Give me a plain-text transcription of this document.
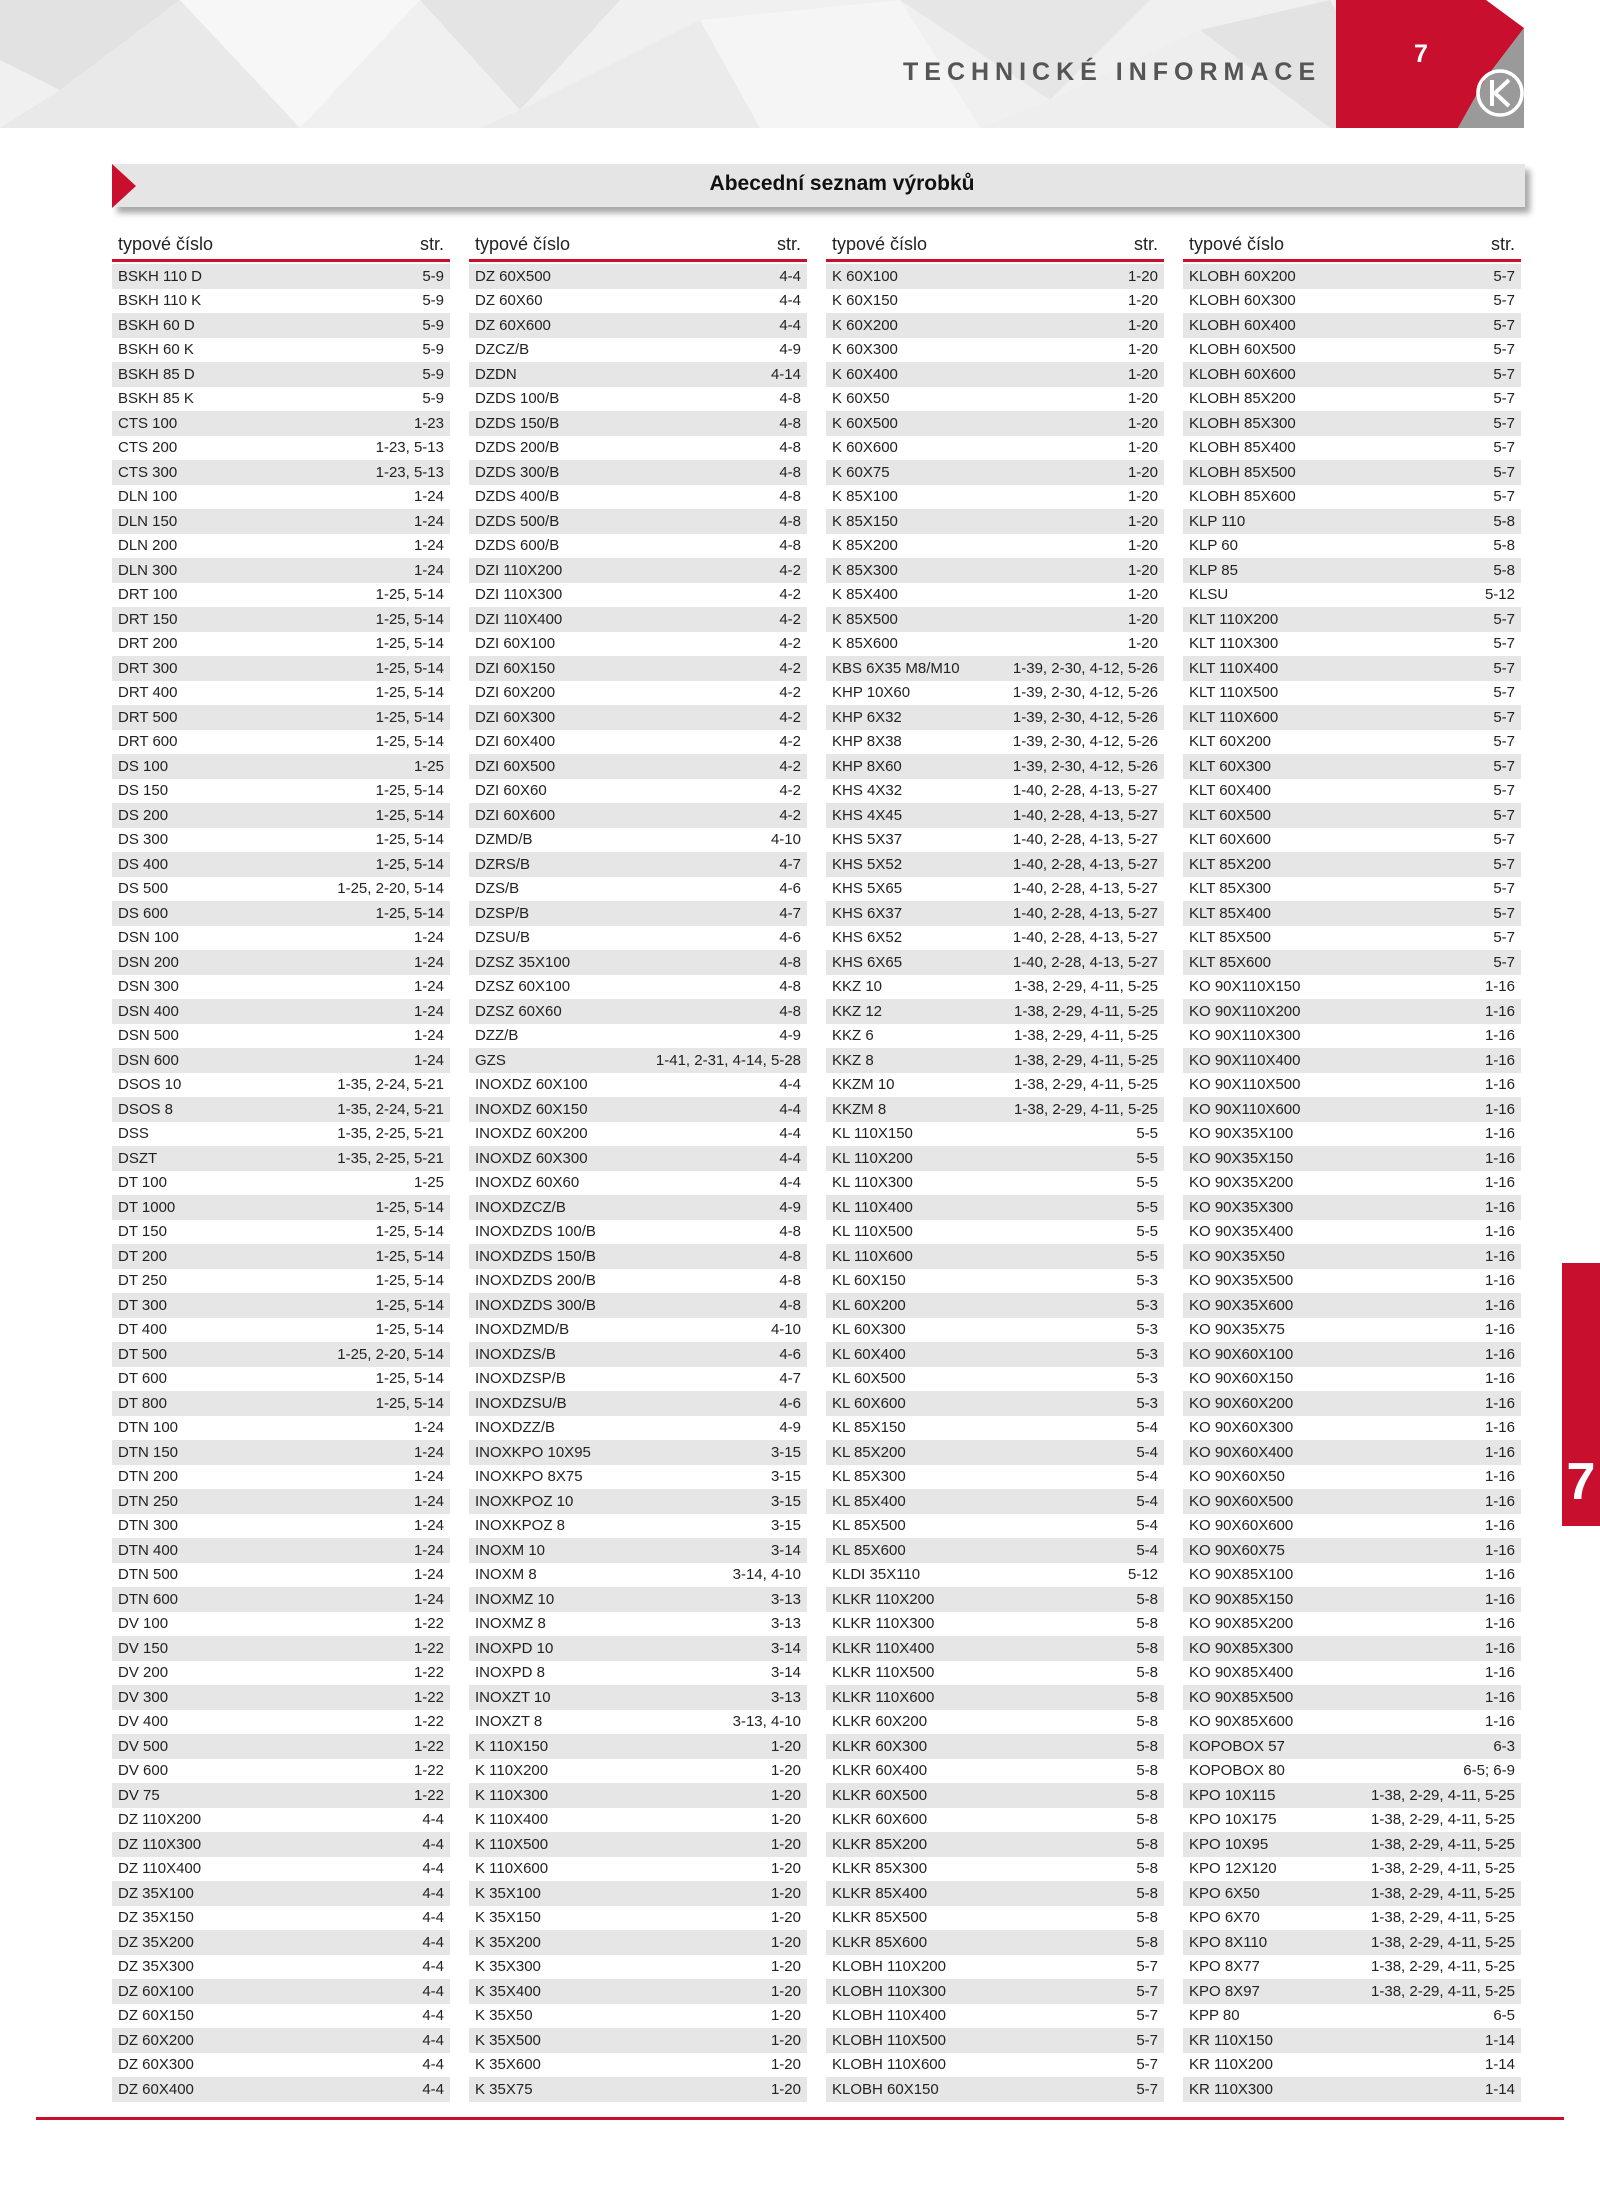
TECHNICKÉ INFORMACE
7
Abecední seznam výrobků
typové číslo	str.
BSKH 110 D	5-9
BSKH 110 K	5-9
BSKH 60 D	5-9
BSKH 60 K	5-9
BSKH 85 D	5-9
BSKH 85 K	5-9
CTS 100	1-23
CTS 200	1-23, 5-13
CTS 300	1-23, 5-13
DLN 100	1-24
DLN 150	1-24
DLN 200	1-24
DLN 300	1-24
DRT 100	1-25, 5-14
DRT 150	1-25, 5-14
DRT 200	1-25, 5-14
DRT 300	1-25, 5-14
DRT 400	1-25, 5-14
DRT 500	1-25, 5-14
DRT 600	1-25, 5-14
DS 100	1-25
DS 150	1-25, 5-14
DS 200	1-25, 5-14
DS 300	1-25, 5-14
DS 400	1-25, 5-14
DS 500	1-25, 2-20, 5-14
DS 600	1-25, 5-14
DSN 100	1-24
DSN 200	1-24
DSN 300	1-24
DSN 400	1-24
DSN 500	1-24
DSN 600	1-24
DSOS 10	1-35, 2-24, 5-21
DSOS 8	1-35, 2-24, 5-21
DSS	1-35, 2-25, 5-21
DSZT	1-35, 2-25, 5-21
DT 100	1-25
DT 1000	1-25, 5-14
DT 150	1-25, 5-14
DT 200	1-25, 5-14
DT 250	1-25, 5-14
DT 300	1-25, 5-14
DT 400	1-25, 5-14
DT 500	1-25, 2-20, 5-14
DT 600	1-25, 5-14
DT 800	1-25, 5-14
DTN 100	1-24
DTN 150	1-24
DTN 200	1-24
DTN 250	1-24
DTN 300	1-24
DTN 400	1-24
DTN 500	1-24
DTN 600	1-24
DV 100	1-22
DV 150	1-22
DV 200	1-22
DV 300	1-22
DV 400	1-22
DV 500	1-22
DV 600	1-22
DV 75	1-22
DZ 110X200	4-4
DZ 110X300	4-4
DZ 110X400	4-4
DZ 35X100	4-4
DZ 35X150	4-4
DZ 35X200	4-4
DZ 35X300	4-4
DZ 60X100	4-4
DZ 60X150	4-4
DZ 60X200	4-4
DZ 60X300	4-4
DZ 60X400	4-4
typové číslo	str.
DZ 60X500	4-4
DZ 60X60	4-4
DZ 60X600	4-4
DZCZ/B	4-9
DZDN	4-14
DZDS 100/B	4-8
DZDS 150/B	4-8
DZDS 200/B	4-8
DZDS 300/B	4-8
DZDS 400/B	4-8
DZDS 500/B	4-8
DZDS 600/B	4-8
DZI 110X200	4-2
DZI 110X300	4-2
DZI 110X400	4-2
DZI 60X100	4-2
DZI 60X150	4-2
DZI 60X200	4-2
DZI 60X300	4-2
DZI 60X400	4-2
DZI 60X500	4-2
DZI 60X60	4-2
DZI 60X600	4-2
DZMD/B	4-10
DZRS/B	4-7
DZS/B	4-6
DZSP/B	4-7
DZSU/B	4-6
DZSZ 35X100	4-8
DZSZ 60X100	4-8
DZSZ 60X60	4-8
DZZ/B	4-9
GZS	1-41, 2-31, 4-14, 5-28
INOXDZ 60X100	4-4
INOXDZ 60X150	4-4
INOXDZ 60X200	4-4
INOXDZ 60X300	4-4
INOXDZ 60X60	4-4
INOXDZCZ/B	4-9
INOXDZDS 100/B	4-8
INOXDZDS 150/B	4-8
INOXDZDS 200/B	4-8
INOXDZDS 300/B	4-8
INOXDZMD/B	4-10
INOXDZS/B	4-6
INOXDZSP/B	4-7
INOXDZSU/B	4-6
INOXDZZ/B	4-9
INOXKPO 10X95	3-15
INOXKPO 8X75	3-15
INOXKPOZ 10	3-15
INOXKPOZ 8	3-15
INOXM 10	3-14
INOXM 8	3-14, 4-10
INOXMZ 10	3-13
INOXMZ 8	3-13
INOXPD 10	3-14
INOXPD 8	3-14
INOXZT 10	3-13
INOXZT 8	3-13, 4-10
K 110X150	1-20
K 110X200	1-20
K 110X300	1-20
K 110X400	1-20
K 110X500	1-20
K 110X600	1-20
K 35X100	1-20
K 35X150	1-20
K 35X200	1-20
K 35X300	1-20
K 35X400	1-20
K 35X50	1-20
K 35X500	1-20
K 35X600	1-20
K 35X75	1-20
typové číslo	str.
K 60X100	1-20
K 60X150	1-20
K 60X200	1-20
K 60X300	1-20
K 60X400	1-20
K 60X50	1-20
K 60X500	1-20
K 60X600	1-20
K 60X75	1-20
K 85X100	1-20
K 85X150	1-20
K 85X200	1-20
K 85X300	1-20
K 85X400	1-20
K 85X500	1-20
K 85X600	1-20
KBS 6X35 M8/M10	1-39, 2-30, 4-12, 5-26
KHP 10X60	1-39, 2-30, 4-12, 5-26
KHP 6X32	1-39, 2-30, 4-12, 5-26
KHP 8X38	1-39, 2-30, 4-12, 5-26
KHP 8X60	1-39, 2-30, 4-12, 5-26
KHS 4X32	1-40, 2-28, 4-13, 5-27
KHS 4X45	1-40, 2-28, 4-13, 5-27
KHS 5X37	1-40, 2-28, 4-13, 5-27
KHS 5X52	1-40, 2-28, 4-13, 5-27
KHS 5X65	1-40, 2-28, 4-13, 5-27
KHS 6X37	1-40, 2-28, 4-13, 5-27
KHS 6X52	1-40, 2-28, 4-13, 5-27
KHS 6X65	1-40, 2-28, 4-13, 5-27
KKZ 10	1-38, 2-29, 4-11, 5-25
KKZ 12	1-38, 2-29, 4-11, 5-25
KKZ 6	1-38, 2-29, 4-11, 5-25
KKZ 8	1-38, 2-29, 4-11, 5-25
KKZM 10	1-38, 2-29, 4-11, 5-25
KKZM 8	1-38, 2-29, 4-11, 5-25
KL 110X150	5-5
KL 110X200	5-5
KL 110X300	5-5
KL 110X400	5-5
KL 110X500	5-5
KL 110X600	5-5
KL 60X150	5-3
KL 60X200	5-3
KL 60X300	5-3
KL 60X400	5-3
KL 60X500	5-3
KL 60X600	5-3
KL 85X150	5-4
KL 85X200	5-4
KL 85X300	5-4
KL 85X400	5-4
KL 85X500	5-4
KL 85X600	5-4
KLDI 35X110	5-12
KLKR 110X200	5-8
KLKR 110X300	5-8
KLKR 110X400	5-8
KLKR 110X500	5-8
KLKR 110X600	5-8
KLKR 60X200	5-8
KLKR 60X300	5-8
KLKR 60X400	5-8
KLKR 60X500	5-8
KLKR 60X600	5-8
KLKR 85X200	5-8
KLKR 85X300	5-8
KLKR 85X400	5-8
KLKR 85X500	5-8
KLKR 85X600	5-8
KLOBH 110X200	5-7
KLOBH 110X300	5-7
KLOBH 110X400	5-7
KLOBH 110X500	5-7
KLOBH 110X600	5-7
KLOBH 60X150	5-7
typové číslo	str.
KLOBH 60X200	5-7
KLOBH 60X300	5-7
KLOBH 60X400	5-7
KLOBH 60X500	5-7
KLOBH 60X600	5-7
KLOBH 85X200	5-7
KLOBH 85X300	5-7
KLOBH 85X400	5-7
KLOBH 85X500	5-7
KLOBH 85X600	5-7
KLP 110	5-8
KLP 60	5-8
KLP 85	5-8
KLSU	5-12
KLT 110X200	5-7
KLT 110X300	5-7
KLT 110X400	5-7
KLT 110X500	5-7
KLT 110X600	5-7
KLT 60X200	5-7
KLT 60X300	5-7
KLT 60X400	5-7
KLT 60X500	5-7
KLT 60X600	5-7
KLT 85X200	5-7
KLT 85X300	5-7
KLT 85X400	5-7
KLT 85X500	5-7
KLT 85X600	5-7
KO 90X110X150	1-16
KO 90X110X200	1-16
KO 90X110X300	1-16
KO 90X110X400	1-16
KO 90X110X500	1-16
KO 90X110X600	1-16
KO 90X35X100	1-16
KO 90X35X150	1-16
KO 90X35X200	1-16
KO 90X35X300	1-16
KO 90X35X400	1-16
KO 90X35X50	1-16
KO 90X35X500	1-16
KO 90X35X600	1-16
KO 90X35X75	1-16
KO 90X60X100	1-16
KO 90X60X150	1-16
KO 90X60X200	1-16
KO 90X60X300	1-16
KO 90X60X400	1-16
KO 90X60X50	1-16
KO 90X60X500	1-16
KO 90X60X600	1-16
KO 90X60X75	1-16
KO 90X85X100	1-16
KO 90X85X150	1-16
KO 90X85X200	1-16
KO 90X85X300	1-16
KO 90X85X400	1-16
KO 90X85X500	1-16
KO 90X85X600	1-16
KOPOBOX 57	6-3
KOPOBOX 80	6-5; 6-9
KPO 10X115	1-38, 2-29, 4-11, 5-25
KPO 10X175	1-38, 2-29, 4-11, 5-25
KPO 10X95	1-38, 2-29, 4-11, 5-25
KPO 12X120	1-38, 2-29, 4-11, 5-25
KPO 6X50	1-38, 2-29, 4-11, 5-25
KPO 6X70	1-38, 2-29, 4-11, 5-25
KPO 8X110	1-38, 2-29, 4-11, 5-25
KPO 8X77	1-38, 2-29, 4-11, 5-25
KPO 8X97	1-38, 2-29, 4-11, 5-25
KPP 80	6-5
KR 110X150	1-14
KR 110X200	1-14
KR 110X300	1-14
7
